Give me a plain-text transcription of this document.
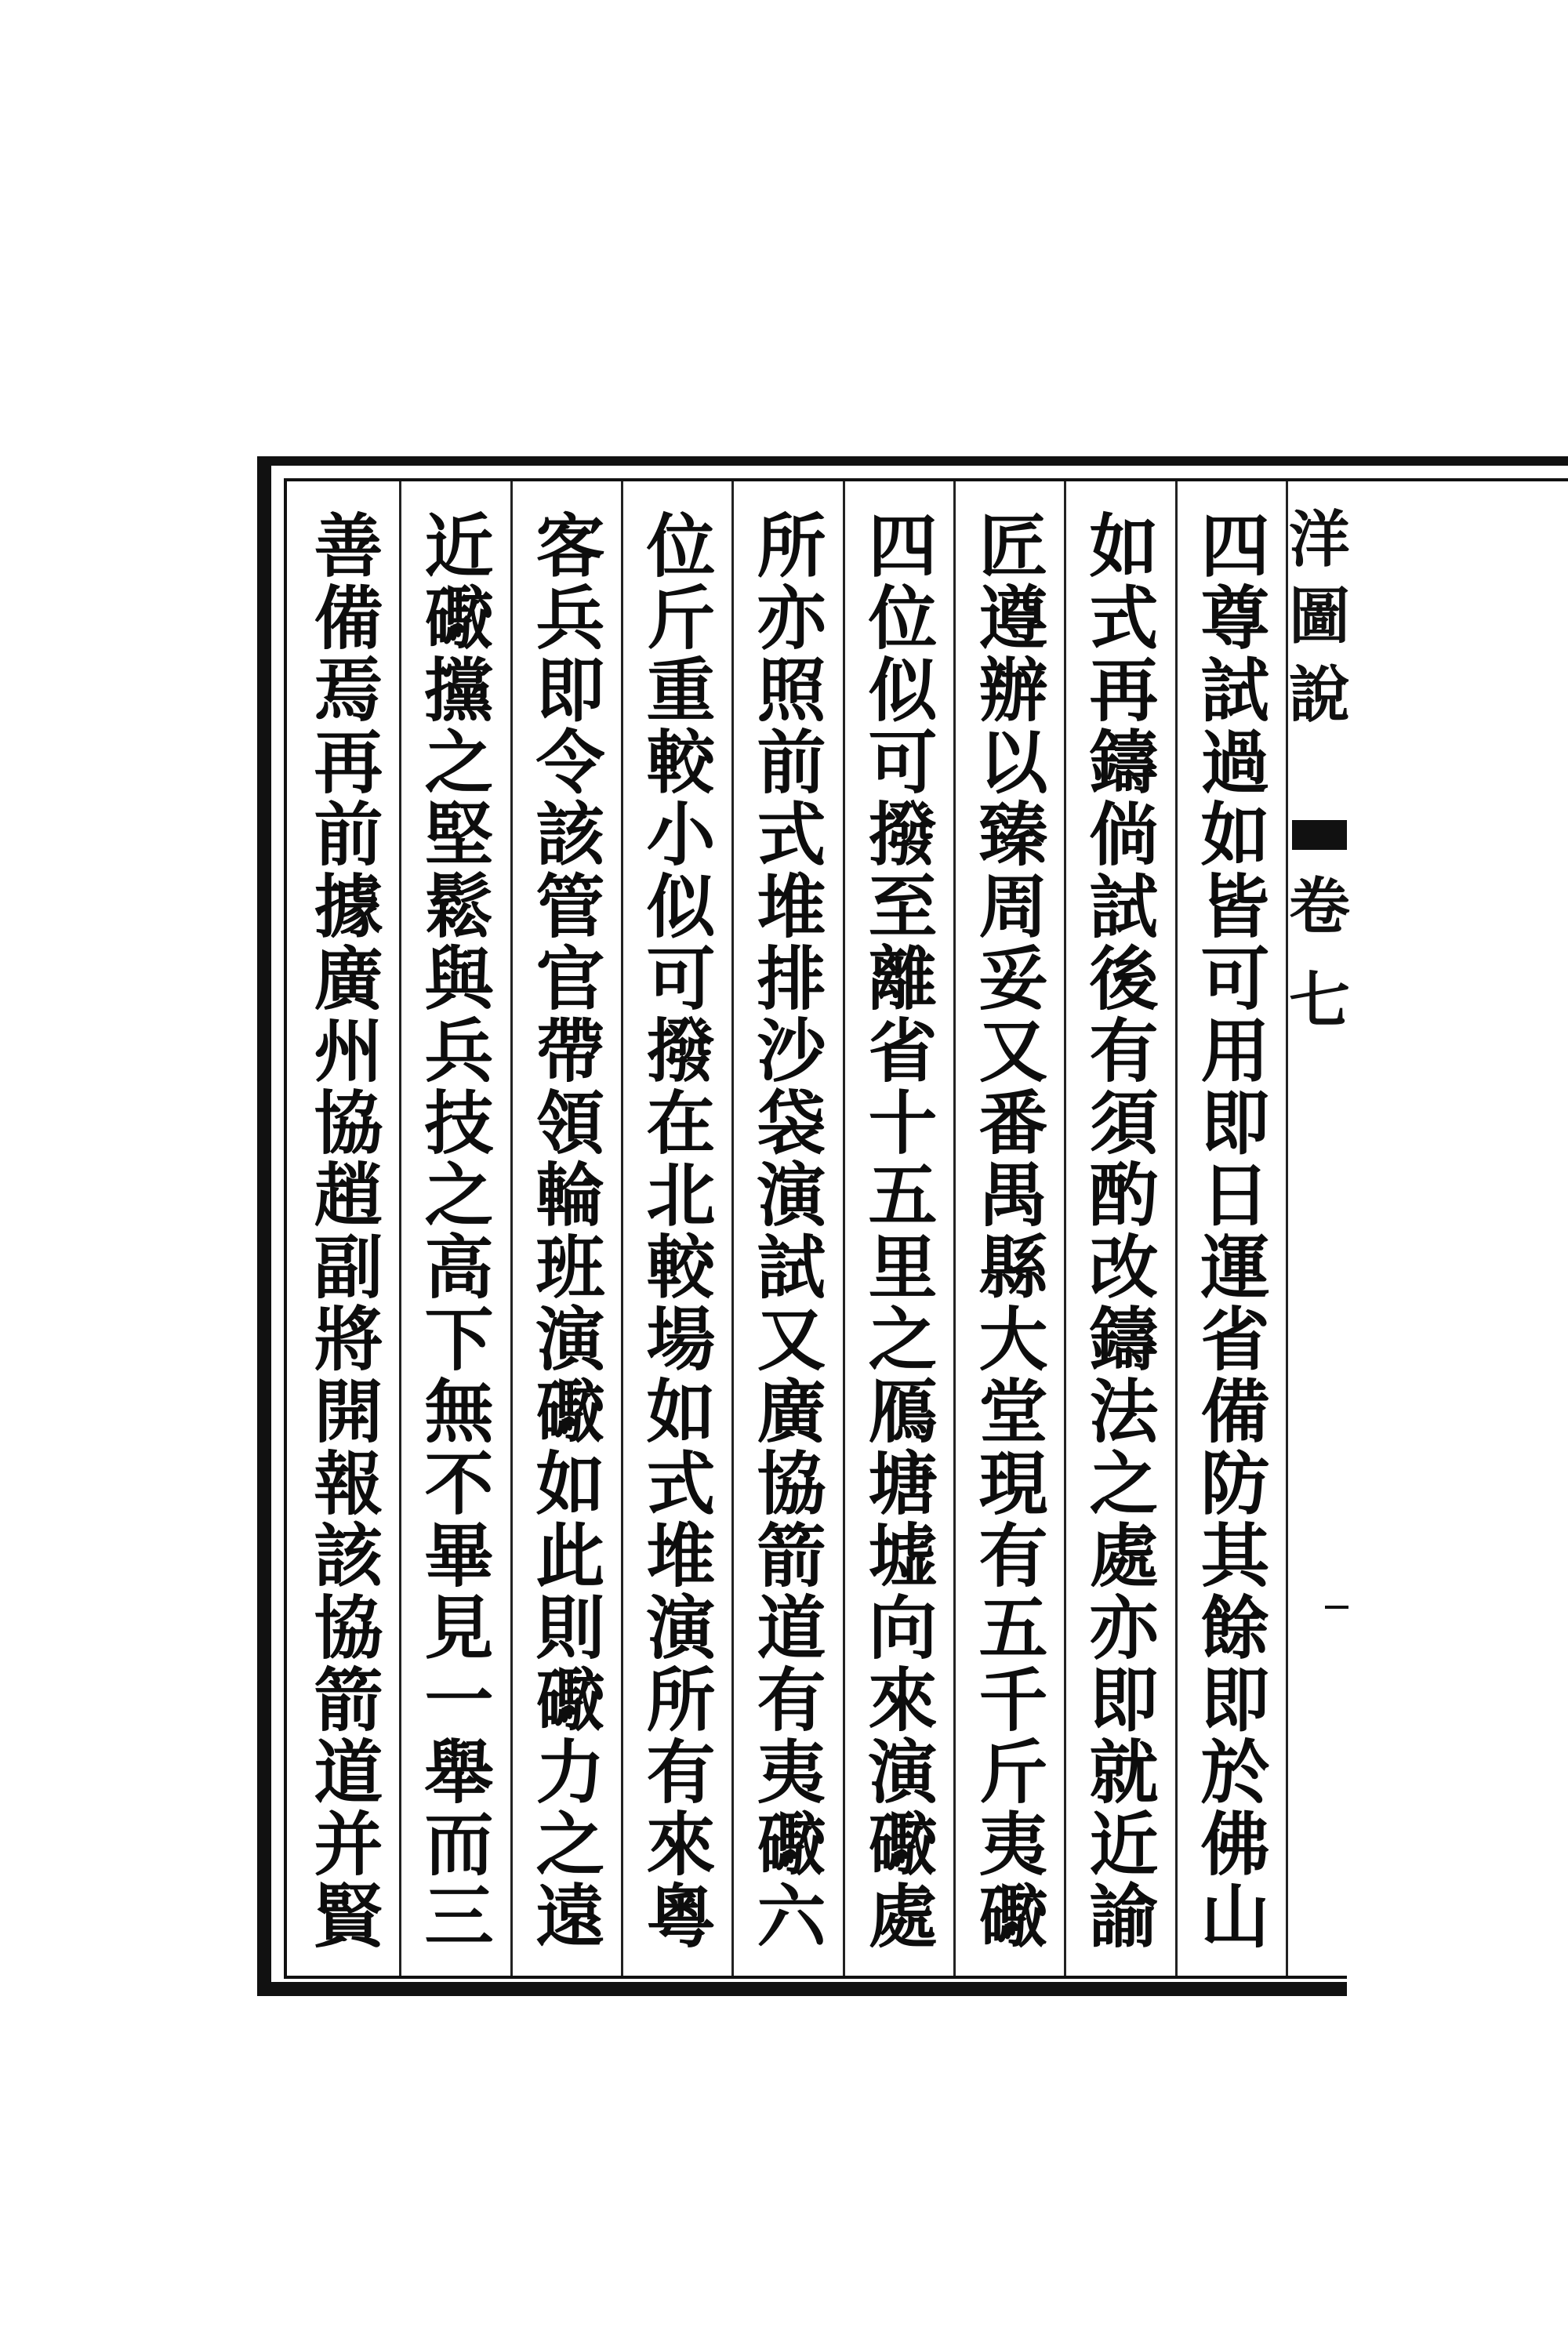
洋
圖
說
卷
七
四尊試過如皆可用即日運省備防其餘即於佛山
如式再鑄倘試後有須酌改鑄法之處亦即就近諭
匠遵辦以臻周妥又番禺縣大堂現有五千斤夷礮
四位似可撥至離省十五里之鴈塘墟向來演礮處
所亦照前式堆排沙袋演試又廣協箭道有夷礮六
位斤重較小似可撥在北較場如式堆演所有來粵
客兵即令該管官帶領輪班演礮如此則礮力之遠
善備焉再前據廣州協趙副將開報該協箭道并賢 近礮攩之堅鬆與兵技之高下無不畢見一舉而三
